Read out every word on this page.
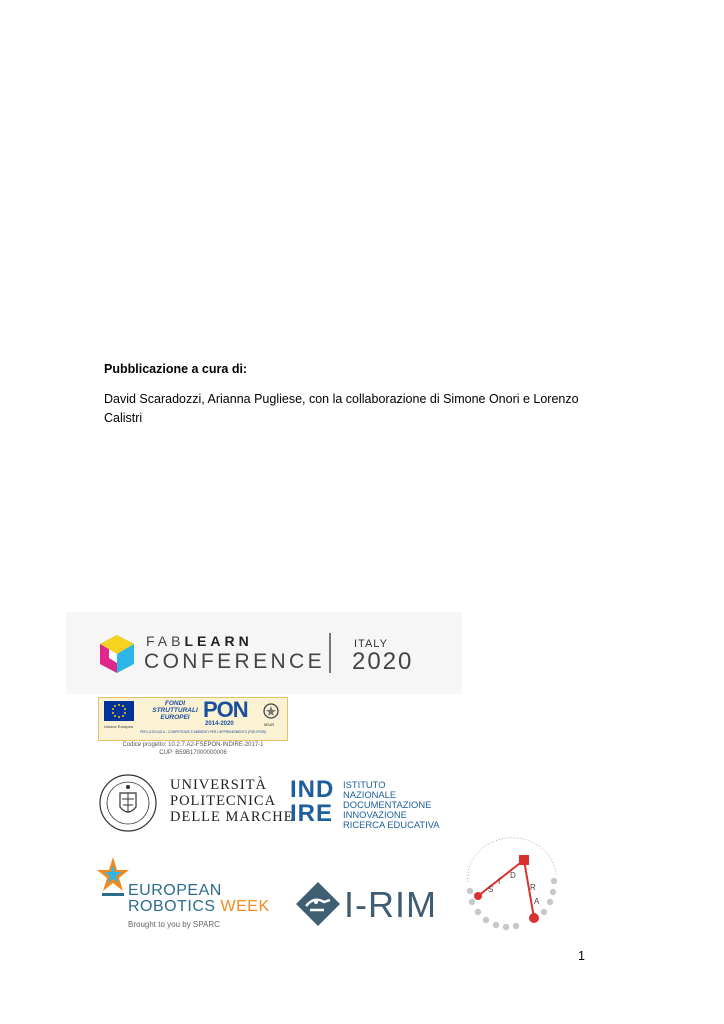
Pubblicazione a cura di:
David Scaradozzi, Arianna Pugliese, con la collaborazione di Simone Onori e Lorenzo Calistri
FABLEARN
CONFERENCE
ITALY
2020
Unione Europea
FONDI
STRUTTURALI
EUROPEI PON
2014-2020
PER LA SCUOLA - COMPETENZE E AMBIENTI PER L'APPRENDIMENTO (FSE-FESR)
MIUR
Codice progetto: 10.2.7.A2-FSEPON-INDIRE-2017-1
CUP: B59B17000000006
UNIVERSITÀ
POLITECNICA
DELLE MARCHE
IND
IRE
ISTITUTO
NAZIONALE
DOCUMENTAZIONE
INNOVAZIONE
RICERCA EDUCATIVA
EUROPEAN
ROBOTICS WEEK
Brought to you by SPARC	I-RIM	S
I
D
R
A
1
